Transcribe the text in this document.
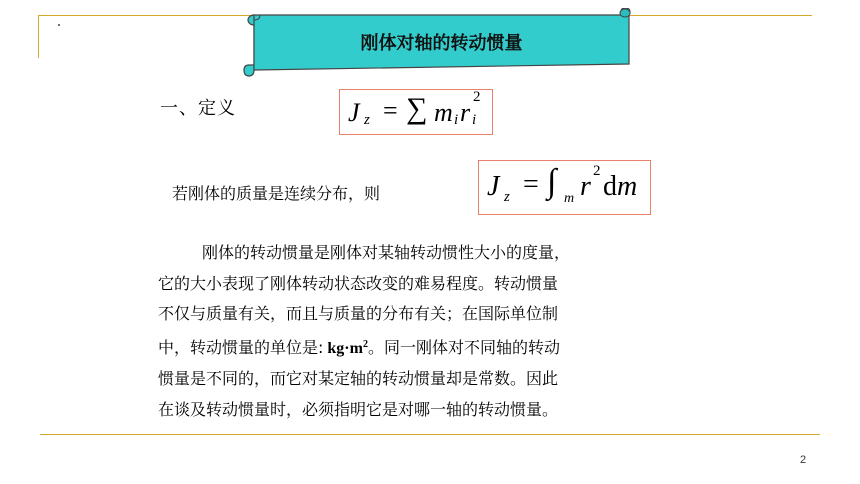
刚体对轴的转动惯量
一、定义	J z = ∑ m i r i
2
若刚体的质量是连续分布，则	J z = ∫ m r 2 d m
刚体的转动惯量是刚体对某轴转动惯性大小的度量，
它的大小表现了刚体转动状态改变的难易程度。转动惯量
不仅与质量有关，而且与质量的分布有关；在国际单位制
中，转动惯量的单位是: $kg\cdot m^2$。同一刚体对不同轴的转动
惯量是不同的，而它对某定轴的转动惯量却是常数。因此
在谈及转动惯量时，必须指明它是对哪一轴的转动惯量。
2
